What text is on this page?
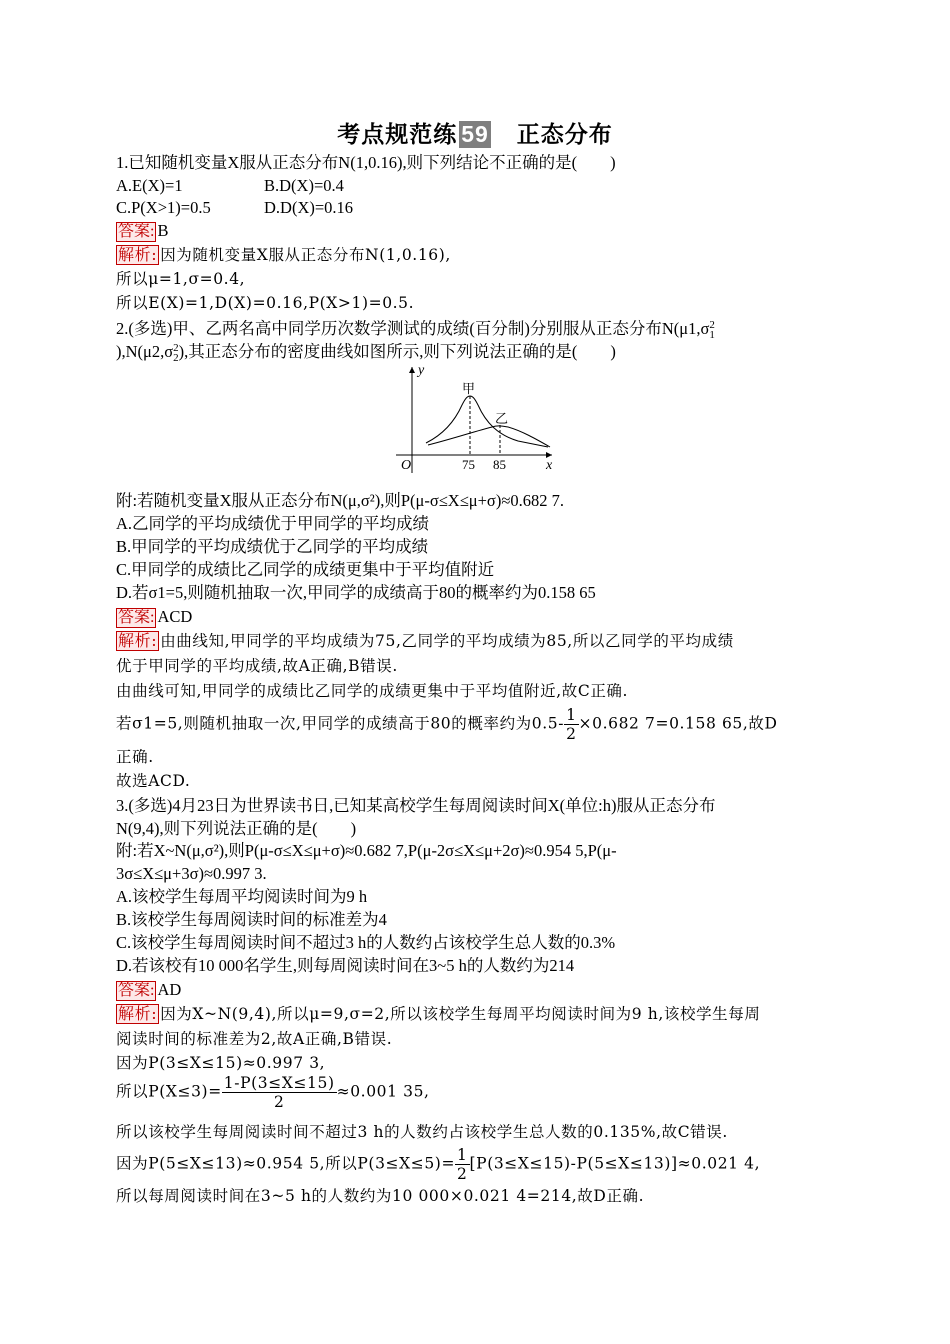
考点规范练 59 正态分布
1.已知随机变量X服从正态分布N(1,0.16),则下列结论不正确的是(　　)
A.E(X)=1	B.D(X)=0.4
C.P(X>1)=0.5	D.D(X)=0.16
答案: B
解析: 因为随机变量X服从正态分布N(1,0.16),
所以μ=1,σ=0.4,
所以E(X)=1,D(X)=0.16,P(X>1)=0.5.
2.(多选)甲、乙两名高中同学历次数学测试的成绩(百分制)分别服从正态分布N(μ1,σ 2
1
),N(μ2,σ 2
2 ),其正态分布的密度曲线如图所示,则下列说法正确的是(　　)
y
x
O	75 85
甲
乙
附:若随机变量X服从正态分布N(μ,σ²),则P(μ-σ≤X≤μ+σ)≈0.682 7.
A.乙同学的平均成绩优于甲同学的平均成绩
B.甲同学的平均成绩优于乙同学的平均成绩
C.甲同学的成绩比乙同学的成绩更集中于平均值附近
D.若σ1=5,则随机抽取一次,甲同学的成绩高于80的概率约为0.158 65
答案: ACD
解析: 由曲线知,甲同学的平均成绩为75,乙同学的平均成绩为85,所以乙同学的平均成绩
优于甲同学的平均成绩,故A正确,B错误.
由曲线可知,甲同学的成绩比乙同学的成绩更集中于平均值附近,故C正确.
若σ1=5,则随机抽取一次,甲同学的成绩高于80的概率约为$0.5- \frac{1}{2} \times 0.682$ 7=0.158 65,故D
正确.
故选ACD.
3.(多选)4月23日为世界读书日,已知某高校学生每周阅读时间X(单位:h)服从正态分布
N(9,4),则下列说法正确的是(　　)
附:若X~N(μ,σ²),则P(μ-σ≤X≤μ+σ)≈0.682 7,P(μ-2σ≤X≤μ+2σ)≈0.954 5,P(μ-
3σ≤X≤μ+3σ)≈0.997 3.
A.该校学生每周平均阅读时间为9 h
B.该校学生每周阅读时间的标准差为4
C.该校学生每周阅读时间不超过3 h的人数约占该校学生总人数的0.3%
D.若该校有10 000名学生,则每周阅读时间在3~5 h的人数约为214
答案: AD
解析: 因为X~N(9,4),所以μ=9,σ=2,所以该校学生每周平均阅读时间为9 h,该校学生每周
阅读时间的标准差为2,故A正确,B错误.
因为P(3≤X≤15)≈0.997 3,
所以$P(X\le 3)= \frac{1-P(3\le X\le 15)}{2} \approx 0.001$ 35,
所以该校学生每周阅读时间不超过3 h的人数约占该校学生总人数的0.135%,故C错误.
因为P(5≤X≤13)≈0.954 5,所以$P(3\le X\le 5)= \frac{1}{2} [P(3\le X\le 15)-P(5\le X\le 13)]\approx 0.021$ 4,
所以每周阅读时间在3~5 h的人数约为10 000×0.021 4=214,故D正确.
